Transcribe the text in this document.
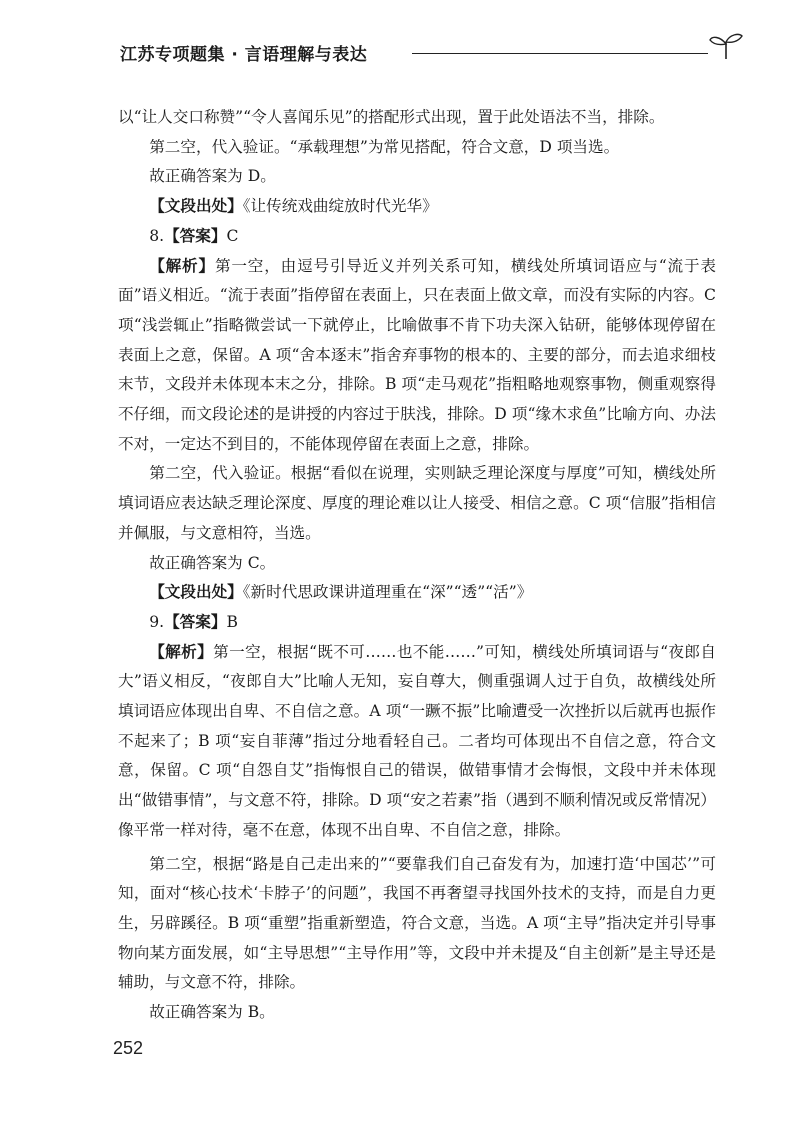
江苏专项题集 · 言语理解与表达

以“让人交口称赞”“令人喜闻乐见”的搭配形式出现，置于此处语法不当，排除。

第二空，代入验证。“承载理想”为常见搭配，符合文意，D 项当选。

故正确答案为 D。

【文段出处】《让传统戏曲绽放时代光华》

8.【答案】C

【解析】第一空，由逗号引导近义并列关系可知，横线处所填词语应与“流于表面”语义相近。“流于表面”指停留在表面上，只在表面上做文章，而没有实际的内容。C 项“浅尝辄止”指略微尝试一下就停止，比喻做事不肯下功夫深入钻研，能够体现停留在表面上之意，保留。A 项“舍本逐末”指舍弃事物的根本的、主要的部分，而去追求细枝末节，文段并未体现本末之分，排除。B 项“走马观花”指粗略地观察事物，侧重观察得不仔细，而文段论述的是讲授的内容过于肤浅，排除。D 项“缘木求鱼”比喻方向、办法不对，一定达不到目的，不能体现停留在表面上之意，排除。

第二空，代入验证。根据“看似在说理，实则缺乏理论深度与厚度”可知，横线处所填词语应表达缺乏理论深度、厚度的理论难以让人接受、相信之意。C 项“信服”指相信并佩服，与文意相符，当选。

故正确答案为 C。

【文段出处】《新时代思政课讲道理重在“深”“透”“活”》

9.【答案】B

【解析】第一空，根据“既不可……也不能……”可知，横线处所填词语与“夜郎自大”语义相反，“夜郎自大”比喻人无知，妄自尊大，侧重强调人过于自负，故横线处所填词语应体现出自卑、不自信之意。A 项“一蹶不振”比喻遭受一次挫折以后就再也振作不起来了；B 项“妄自菲薄”指过分地看轻自己。二者均可体现出不自信之意，符合文意，保留。C 项“自怨自艾”指悔恨自己的错误，做错事情才会悔恨，文段中并未体现出“做错事情”，与文意不符，排除。D 项“安之若素”指（遇到不顺利情况或反常情况）像平常一样对待，毫不在意，体现不出自卑、不自信之意，排除。

第二空，根据“路是自己走出来的”“要靠我们自己奋发有为，加速打造‘中国芯’”可知，面对“核心技术‘卡脖子’的问题”，我国不再奢望寻找国外技术的支持，而是自力更生，另辟蹊径。B 项“重塑”指重新塑造，符合文意，当选。A 项“主导”指决定并引导事物向某方面发展，如“主导思想”“主导作用”等，文段中并未提及“自主创新”是主导还是辅助，与文意不符，排除。

故正确答案为 B。

252
